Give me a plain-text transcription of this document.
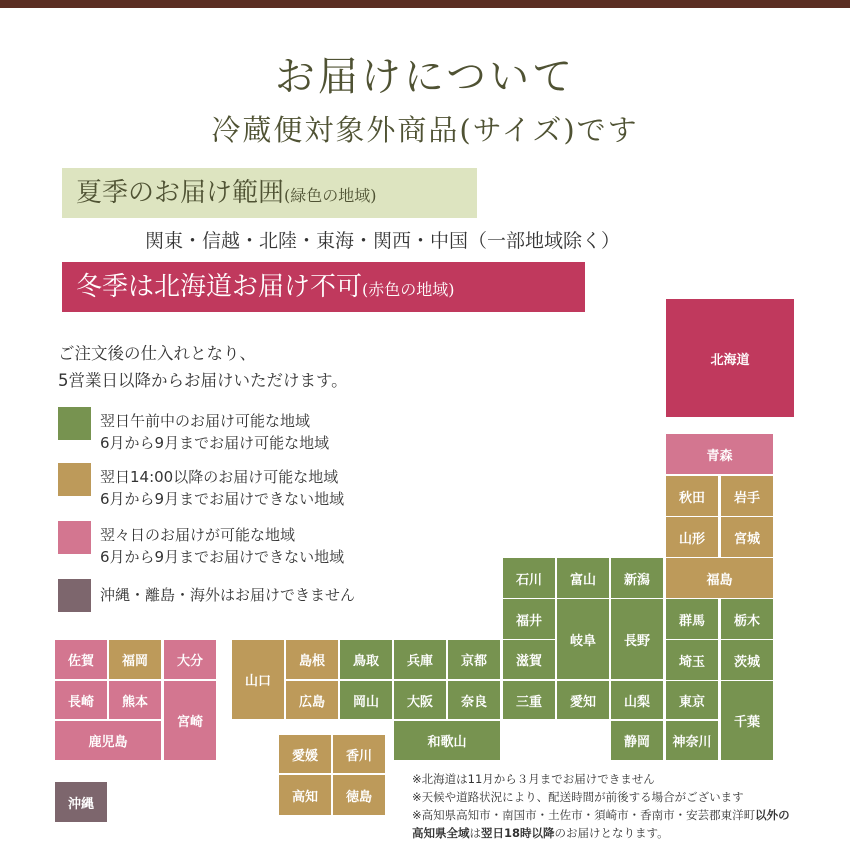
お届けについて
冷蔵便対象外商品(サイズ)です
夏季のお届け範囲(緑色の地域)
関東・信越・北陸・東海・関西・中国（一部地域除く）
冬季は北海道お届け不可(赤色の地域)
ご注文後の仕入れとなり、
5営業日以降からお届けいただけます。
翌日午前中のお届け可能な地域
6月から9月までお届け可能な地域
翌日14:00以降のお届け可能な地域
6月から9月までお届けできない地域
翌々日のお届けが可能な地域
6月から9月までお届けできない地域
沖縄・離島・海外はお届けできません
北海道
青森
秋田	岩手
山形	宮城
福島
石川	富山	新潟
福井
岐阜	長野
群馬	栃木
滋賀	埼玉	茨城
三重	愛知	山梨	東京
千葉
静岡	神奈川
山口
島根	鳥取	兵庫	京都
広島	岡山	大阪	奈良
和歌山
愛媛	香川
高知	徳島
佐賀	福岡	大分
長崎	熊本
宮崎
鹿児島
沖縄
※北海道は11月から３月までお届けできません
※天候や道路状況により、配送時間が前後する場合がございます
※高知県高知市・南国市・土佐市・須崎市・香南市・安芸郡東洋町以外の
高知県全域は翌日18時以降のお届けとなります。
